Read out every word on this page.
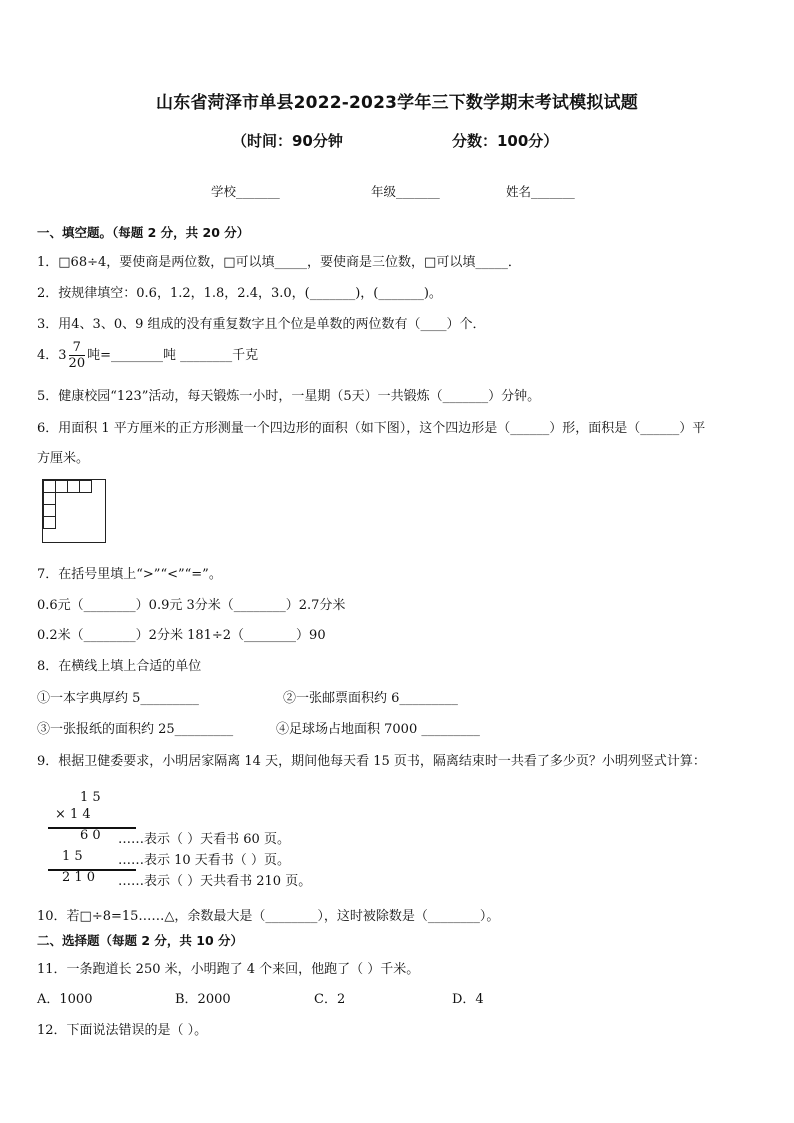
山东省菏泽市单县2022-2023学年三下数学期末考试模拟试题
（时间：90分钟	分数：100分）
学校_______	年级_______	姓名_______
一、填空题。（每题 2 分，共 20 分）
1．□68÷4，要使商是两位数，□可以填_____，要使商是三位数，□可以填_____．
2．按规律填空：0.6，1.2，1.8，2.4，3.0，(_______)，(_______)。
3．用4、3、0、9 组成的没有重复数字且个位是单数的两位数有（____）个．
4．$3 \frac{7}{20}$ 吨=________吨 ________千克
5．健康校园“123”活动，每天锻炼一小时，一星期（5天）一共锻炼（_______）分钟。
6．用面积 1 平方厘米的正方形测量一个四边形的面积（如下图），这个四边形是（______）形，面积是（______）平
方厘米。
7．在括号里填上“>”“<”“=”。
0.6元（________）0.9元 3分米（________）2.7分米
0.2米（________）2分米 181÷2（________）90
8．在横线上填上合适的单位
①一本字典厚约 5_________	②一张邮票面积约 6_________
③一张报纸的面积约 25_________	④足球场占地面积 7000 _________
9．根据卫健委要求，小明居家隔离 14 天，期间他每天看 15 页书，隔离结束时一共看了多少页？小明列竖式计算：
1 5
× 1 4
6 0 ……表示（ ）天看书 60 页。
1 5	……表示 10 天看书（ ）页。
2 1 0 ……表示（ ）天共看书 210 页。
10．若□÷8=15……△，余数最大是（________），这时被除数是（________）。
二、选择题（每题 2 分，共 10 分）
11．一条跑道长 250 米，小明跑了 4 个来回，他跑了（ ）千米。
A．1000	B．2000	C．2	D．4
12．下面说法错误的是（ ）。
